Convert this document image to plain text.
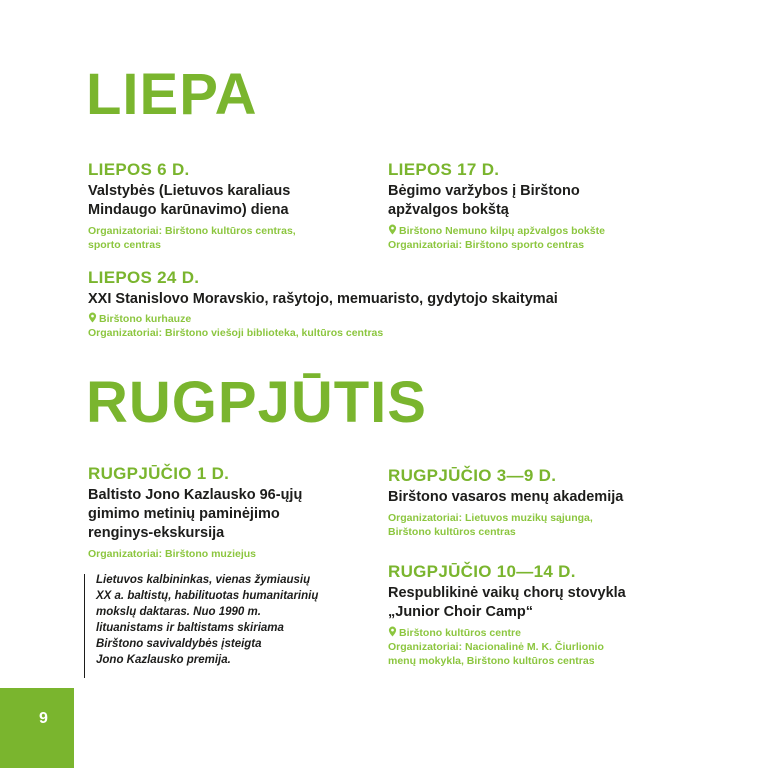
LIEPA
LIEPOS 6 D.
Valstybės (Lietuvos karaliaus
Mindaugo karūnavimo) diena
Organizatoriai: Birštono kultūros centras,
sporto centras
LIEPOS 17 D.
Bėgimo varžybos į Birštono
apžvalgos bokštą
Birštono Nemuno kilpų apžvalgos bokšte
Organizatoriai: Birštono sporto centras
LIEPOS 24 D.
XXI Stanislovo Moravskio, rašytojo, memuaristo, gydytojo skaitymai
Birštono kurhauze
Organizatoriai: Birštono viešoji biblioteka, kultūros centras
RUGPJŪTIS
RUGPJŪČIO 1 D.
Baltisto Jono Kazlausko 96-ųjų
gimimo metinių paminėjimo
renginys-ekskursija
Organizatoriai: Birštono muziejus
Lietuvos kalbininkas, vienas žymiausių
XX a. baltistų, habilituotas humanitarinių
mokslų daktaras. Nuo 1990 m.
lituanistams ir baltistams skiriama
Birštono savivaldybės įsteigta
Jono Kazlausko premija.
RUGPJŪČIO 3—9 D.
Birštono vasaros menų akademija
Organizatoriai: Lietuvos muzikų sąjunga,
Birštono kultūros centras
RUGPJŪČIO 10—14 D.
Respublikinė vaikų chorų stovykla
„Junior Choir Camp“
Birštono kultūros centre
Organizatoriai: Nacionalinė M. K. Čiurlionio
menų mokykla, Birštono kultūros centras
9
